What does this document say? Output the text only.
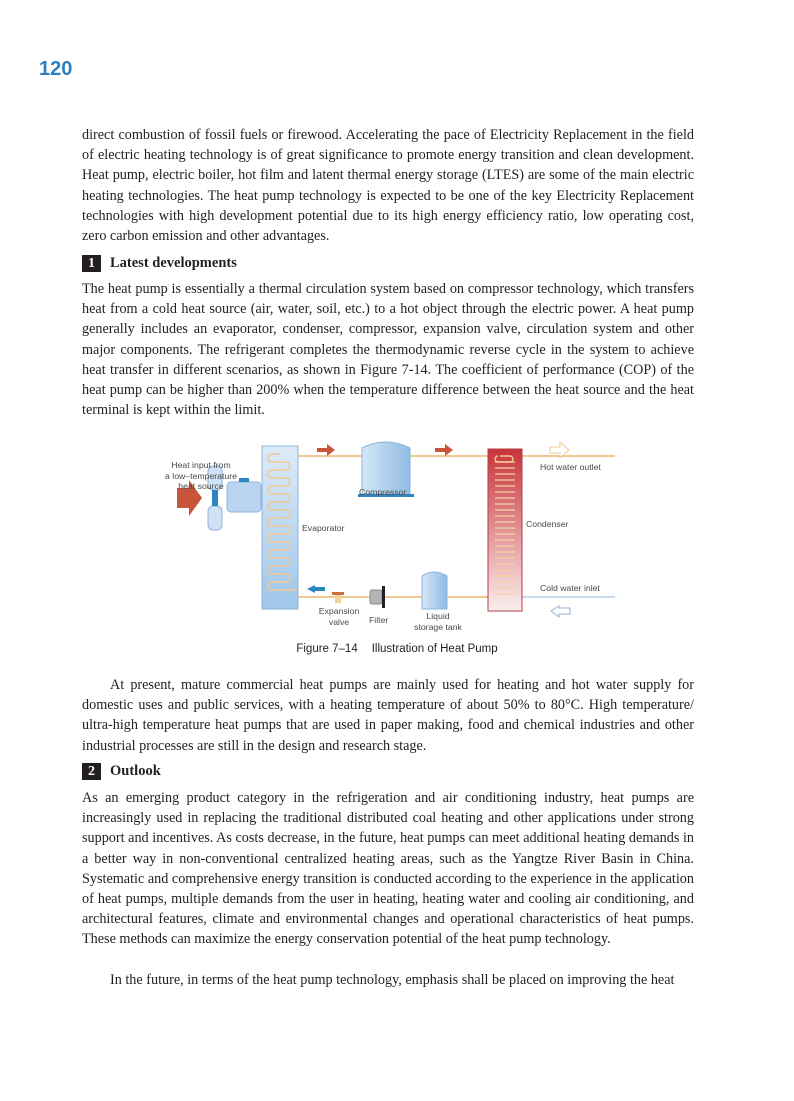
120

direct combustion of fossil fuels or firewood. Accelerating the pace of Electricity Replacement in the field of electric heating technology is of great significance to promote energy transition and clean development. Heat pump, electric boiler, hot film and latent thermal energy storage (LTES) are some of the main electric heating technologies. The heat pump technology is expected to be one of the key Electricity Replacement technologies with high development potential due to its high energy efficiency ratio, low operating cost, zero carbon emission and other advantages.

1	Latest developments

The heat pump is essentially a thermal circulation system based on compressor technology, which transfers heat from a cold heat source (air, water, soil, etc.) to a hot object through the electric power. A heat pump generally includes an evaporator, condenser, compressor, expansion valve, circulation system and other major components. The refrigerant completes the thermodynamic reverse cycle in the system to achieve heat transfer in different scenarios, as shown in Figure 7-14. The coefficient of performance (COP) of the heat pump can be higher than 200% when the temperature difference between the heat source and the heat terminal is kept within the limit.

Heat input from
a low–temperature
heat source
Compressor
Evaporator	Condenser
Hot water outlet
Cold water inlet
Expansion
valve	Filter	Liquid
storage tank
Figure 7–14 Illustration of Heat Pump

At present, mature commercial heat pumps are mainly used for heating and hot water supply for domestic uses and public services, with a heating temperature of about 50% to 80°C. High temperature/ ultra-high temperature heat pumps that are used in paper making, food and chemical industries and other industrial processes are still in the design and research stage.

2	Outlook

As an emerging product category in the refrigeration and air conditioning industry, heat pumps are increasingly used in replacing the traditional distributed coal heating and other applications under strong support and incentives. As costs decrease, in the future, heat pumps can meet additional heating demands in a better way in non-conventional centralized heating areas, such as the Yangtze River Basin in China. Systematic and comprehensive energy transition is conducted according to the experience in the application of heat pumps, multiple demands from the user in heating, heating water and cooling air conditioning, and architectural features, climate and environmental changes and operational characteristics of heat pumps. These methods can maximize the energy conservation potential of the heat pump technology.

In the future, in terms of the heat pump technology, emphasis shall be placed on improving the heat
